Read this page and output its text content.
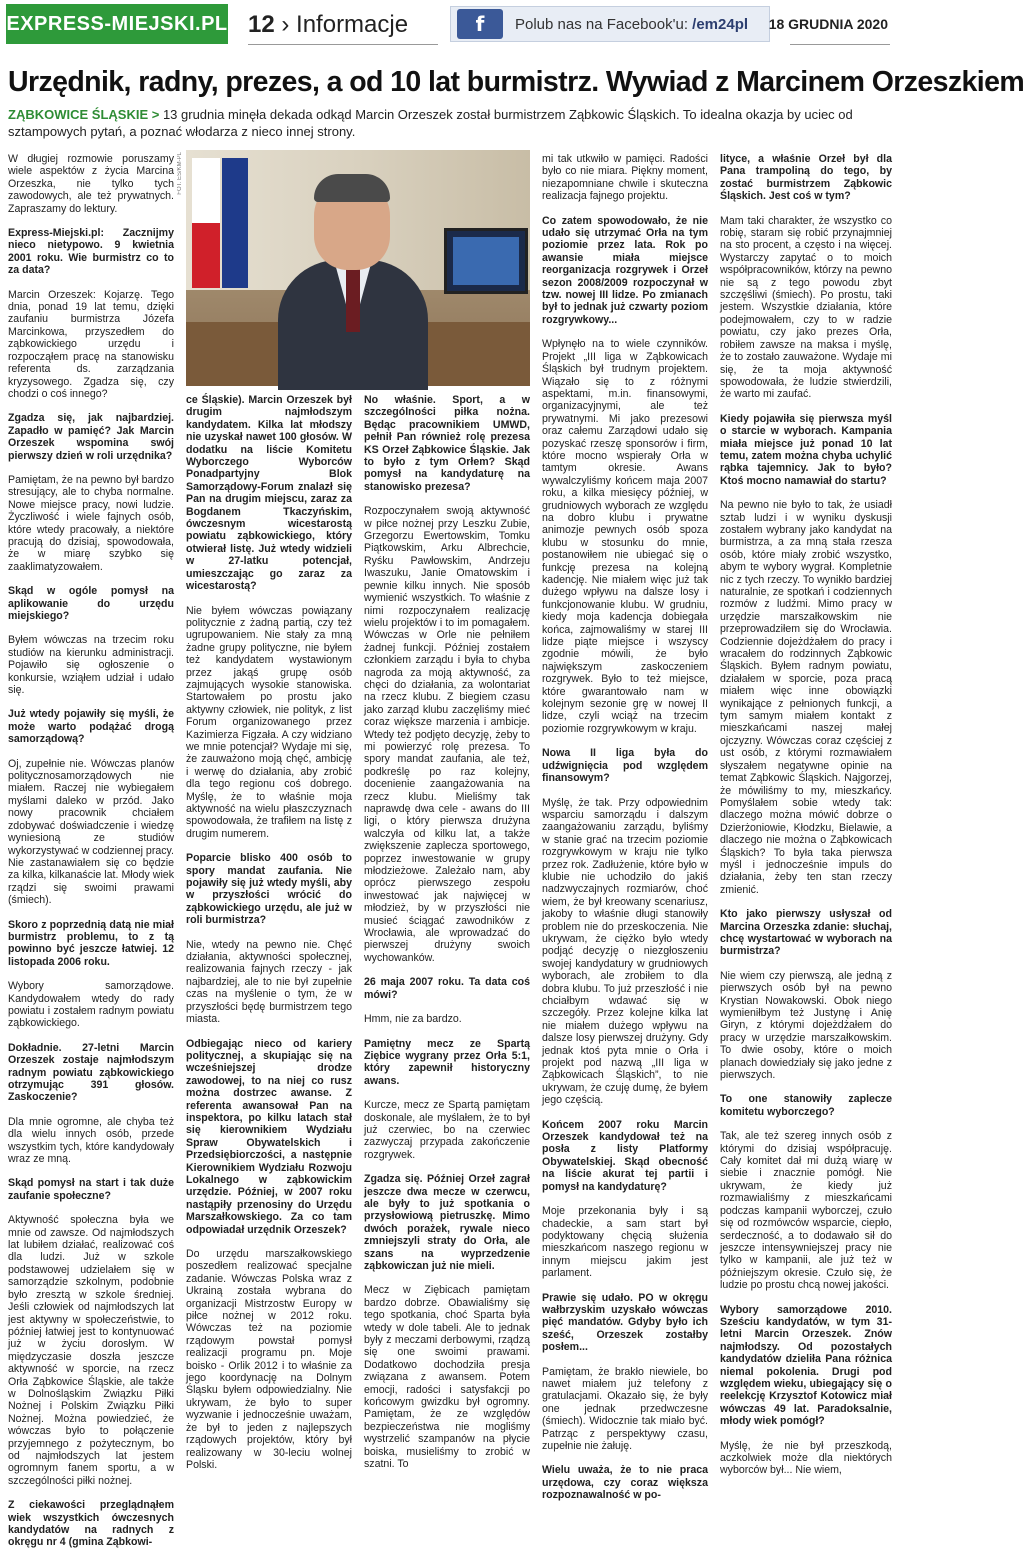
EXPRESS-MIEJSKI.PL 12 › Informacje	f	Polub nas na Facebook'u: /em24pl 18 GRUDNIA 2020
Urzędnik, radny, prezes, a od 10 lat burmistrz. Wywiad z Marcinem Orzeszkiem
ZĄBKOWICE ŚLĄSKIE > 13 grudnia minęła dekada odkąd Marcin Orzeszek został burmistrzem Ząbkowic Śląskich. To idealna okazja by uciec od sztampowych pytań, a poznać włodarza z nieco innej strony.
FOT. ES/KM-PL

W długiej rozmowie poruszamy wiele aspektów z życia Marcina Orzeszka, nie tylko tych zawodowych, ale też prywatnych. Zapraszamy do lektury.

Express-Miejski.pl: Zacznijmy nieco nietypowo. 9 kwietnia 2001 roku. Wie burmistrz co to za data?

Marcin Orzeszek: Kojarzę. Tego dnia, ponad 19 lat temu, dzięki zaufaniu burmistrza Józefa Marcinkowa, przyszedłem do ząbkowickiego urzędu i rozpocząłem pracę na stanowisku referenta ds. zarządzania kryzysowego. Zgadza się, czy chodzi o coś innego?

Zgadza się, jak najbardziej. Zapadło w pamięć? Jak Marcin Orzeszek wspomina swój pierwszy dzień w roli urzędnika?

Pamiętam, że na pewno był bardzo stresujący, ale to chyba normalne. Nowe miejsce pracy, nowi ludzie. Życzliwość i wiele fajnych osób, które wtedy pracowały, a niektóre pracują do dzisiaj, spowodowała, że w miarę szybko się zaaklimatyzowałem.

Skąd w ogóle pomysł na aplikowanie do urzędu miejskiego?

Byłem wówczas na trzecim roku studiów na kierunku administracji. Pojawiło się ogłoszenie o konkursie, wziąłem udział i udało się.

Już wtedy pojawiły się myśli, że może warto podążać drogą samorządową?

Oj, zupełnie nie. Wówczas planów politycznosamorządowych nie miałem. Raczej nie wybiegałem myślami daleko w przód. Jako nowy pracownik chciałem zdobywać doświadczenie i wiedzę wyniesioną ze studiów wykorzystywać w codziennej pracy. Nie zastanawiałem się co będzie za kilka, kilkanaście lat. Młody wiek rządzi się swoimi prawami (śmiech).

Skoro z poprzednią datą nie miał burmistrz problemu, to z tą powinno być jeszcze łatwiej. 12 listopada 2006 roku.

Wybory samorządowe. Kandydowałem wtedy do rady powiatu i zostałem radnym powiatu ząbkowickiego.

Dokładnie. 27-letni Marcin Orzeszek zostaje najmłodszym radnym powiatu ząbkowickiego otrzymując 391 głosów. Zaskoczenie?

Dla mnie ogromne, ale chyba też dla wielu innych osób, przede wszystkim tych, które kandydowały wraz ze mną.

Skąd pomysł na start i tak duże zaufanie społeczne?

Aktywność społeczna była we mnie od zawsze. Od najmłodszych lat lubiłem działać, realizować coś dla ludzi. Już w szkole podstawowej udzielałem się w samorządzie szkolnym, podobnie było zresztą w szkole średniej. Jeśli człowiek od najmłodszych lat jest aktywny w społeczeństwie, to później łatwiej jest to kontynuować już w życiu dorosłym. W międzyczasie doszła jeszcze aktywność w sporcie, na rzecz Orła Ząbkowice Śląskie, ale także w Dolnośląskim Związku Piłki Nożnej i Polskim Związku Piłki Nożnej. Można powiedzieć, że wówczas było to połączenie przyjemnego z pożytecznym, bo od najmłodszych lat jestem ogromnym fanem sportu, a w szczególności piłki nożnej.

Z ciekawości przeglądnąłem wiek wszystkich ówczesnych kandydatów na radnych z okręgu nr 4 (gmina Ząbkowi-

ce Śląskie). Marcin Orzeszek był drugim najmłodszym kandydatem. Kilka lat młodszy nie uzyskał nawet 100 głosów. W dodatku na liście Komitetu Wyborczego Wyborców Ponadpartyjny Blok Samorządowy-Forum znalazł się Pan na drugim miejscu, zaraz za Bogdanem Tkaczyńskim, ówczesnym wicestarostą powiatu ząbkowickiego, który otwierał listę. Już wtedy widzieli w 27-latku potencjał, umieszczając go zaraz za wicestarostą?

Nie byłem wówczas powiązany politycznie z żadną partią, czy też ugrupowaniem. Nie stały za mną żadne grupy polityczne, nie byłem też kandydatem wystawionym przez jakąś grupę osób zajmujących wysokie stanowiska. Startowałem po prostu jako aktywny człowiek, nie polityk, z list Forum organizowanego przez Kazimierza Figzała. A czy widziano we mnie potencjał? Wydaje mi się, że zauważono moją chęć, ambicję i werwę do działania, aby zrobić dla tego regionu coś dobrego. Myślę, że to właśnie moja aktywność na wielu płaszczyznach spowodowała, że trafiłem na listę z drugim numerem.

Poparcie blisko 400 osób to spory mandat zaufania. Nie pojawiły się już wtedy myśli, aby w przyszłości wrócić do ząbkowickiego urzędu, ale już w roli burmistrza?

Nie, wtedy na pewno nie. Chęć działania, aktywności społecznej, realizowania fajnych rzeczy - jak najbardziej, ale to nie był zupełnie czas na myślenie o tym, że w przyszłości będę burmistrzem tego miasta.

Odbiegając nieco od kariery politycznej, a skupiając się na wcześniejszej drodze zawodowej, to na niej co rusz można dostrzec awanse. Z referenta awansował Pan na inspektora, po kilku latach stał się kierownikiem Wydziału Spraw Obywatelskich i Przedsiębiorczości, a następnie Kierownikiem Wydziału Rozwoju Lokalnego w ząbkowickim urzędzie. Później, w 2007 roku nastąpiły przenosiny do Urzędu Marszałkowskiego. Za co tam odpowiadał urzędnik Orzeszek?

Do urzędu marszałkowskiego poszedłem realizować specjalne zadanie. Wówczas Polska wraz z Ukrainą została wybrana do organizacji Mistrzostw Europy w piłce nożnej w 2012 roku. Wówczas też na poziomie rządowym powstał pomysł realizacji programu pn. Moje boisko - Orlik 2012 i to właśnie za jego koordynację na Dolnym Śląsku byłem odpowiedzialny. Nie ukrywam, że było to super wyzwanie i jednocześnie uważam, że był to jeden z najlepszych rządowych projektów, który był realizowany w 30-leciu wolnej Polski.

No właśnie. Sport, a w szczególności piłka nożna. Będąc pracownikiem UMWD, pełnił Pan również rolę prezesa KS Orzeł Ząbkowice Śląskie. Jak to było z tym Orłem? Skąd pomysł na kandydaturę na stanowisko prezesa?

Rozpoczynałem swoją aktywność w piłce nożnej przy Leszku Zubie, Grzegorzu Ewertowskim, Tomku Piątkowskim, Arku Albrechcie, Ryśku Pawłowskim, Andrzeju Iwaszuku, Janie Omatowskim i pewnie kilku innych. Nie sposób wymienić wszystkich. To właśnie z nimi rozpoczynałem realizację wielu projektów i to im pomagałem. Wówczas w Orle nie pełniłem żadnej funkcji. Później zostałem członkiem zarządu i była to chyba nagroda za moją aktywność, za chęci do działania, za wolontariat na rzecz klubu. Z biegiem czasu jako zarząd klubu zaczęliśmy mieć coraz większe marzenia i ambicje. Wtedy też podjęto decyzję, żeby to mi powierzyć rolę prezesa. To spory mandat zaufania, ale też, podkreślę po raz kolejny, docenienie zaangażowania na rzecz klubu. Mieliśmy tak naprawdę dwa cele - awans do III ligi, o który pierwsza drużyna walczyła od kilku lat, a także zwiększenie zaplecza sportowego, poprzez inwestowanie w grupy młodzieżowe. Zależało nam, aby oprócz pierwszego zespołu inwestować jak najwięcej w młodzież, by w przyszłości nie musieć ściągać zawodników z Wrocławia, ale wprowadzać do pierwszej drużyny swoich wychowanków.

26 maja 2007 roku. Ta data coś mówi?

Hmm, nie za bardzo.

Pamiętny mecz ze Spartą Ziębice wygrany przez Orła 5:1, który zapewnił historyczny awans.

Kurcze, mecz ze Spartą pamiętam doskonale, ale myślałem, że to był już czerwiec, bo na czerwiec zazwyczaj przypada zakończenie rozgrywek.

Zgadza się. Później Orzeł zagrał jeszcze dwa mecze w czerwcu, ale były to już spotkania o przysłowiową pietruszkę. Mimo dwóch porażek, rywale nieco zmniejszyli straty do Orła, ale szans na wyprzedzenie ząbkowiczan już nie mieli.

Mecz w Ziębicach pamiętam bardzo dobrze. Obawialiśmy się tego spotkania, choć Sparta była wtedy w dole tabeli. Ale to jednak były z meczami derbowymi, rządzą się one swoimi prawami. Dodatkowo dochodziła presja związana z awansem. Potem emocji, radości i satysfakcji po końcowym gwizdku był ogromny. Pamiętam, że ze względów bezpieczeństwa nie mogliśmy wystrzelić szampanów na płycie boiska, musieliśmy to zrobić w szatni. To

mi tak utkwiło w pamięci. Radości było co nie miara. Piękny moment, niezapomniane chwile i skuteczna realizacja fajnego projektu.

Co zatem spowodowało, że nie udało się utrzymać Orła na tym poziomie przez lata. Rok po awansie miała miejsce reorganizacja rozgrywek i Orzeł sezon 2008/2009 rozpoczynał w tzw. nowej III lidze. Po zmianach był to jednak już czwarty poziom rozgrywkowy...

Wpłynęło na to wiele czynników. Projekt „III liga w Ząbkowicach Śląskich był trudnym projektem. Wiązało się to z różnymi aspektami, m.in. finansowymi, organizacyjnymi, ale też prywatnymi. Mi jako prezesowi oraz całemu Zarządowi udało się pozyskać rzeszę sponsorów i firm, które mocno wspierały Orła w tamtym okresie. Awans wywalczyliśmy końcem maja 2007 roku, a kilka miesięcy później, w grudniowych wyborach ze względu na dobro klubu i prywatne animozje pewnych osób spoza klubu w stosunku do mnie, postanowiłem nie ubiegać się o funkcję prezesa na kolejną kadencję. Nie miałem więc już tak dużego wpływu na dalsze losy i funkcjonowanie klubu. W grudniu, kiedy moja kadencja dobiegała końca, zajmowaliśmy w starej III lidze piąte miejsce i wszyscy zgodnie mówili, że było największym zaskoczeniem rozgrywek. Było to też miejsce, które gwarantowało nam w kolejnym sezonie grę w nowej II lidze, czyli wciąż na trzecim poziomie rozgrywkowym w kraju.

Nowa II liga była do udźwignięcia pod względem finansowym?

Myślę, że tak. Przy odpowiednim wsparciu samorządu i dalszym zaangażowaniu zarządu, byliśmy w stanie grać na trzecim poziomie rozgrywkowym w kraju nie tylko przez rok. Zadłużenie, które było w klubie nie uchodziło do jakiś nadzwyczajnych rozmiarów, choć wiem, że był kreowany scenariusz, jakoby to właśnie długi stanowiły problem nie do przeskoczenia. Nie ukrywam, że ciężko było wtedy podjąć decyzję o niezgłoszeniu swojej kandydatury w grudniowych wyborach, ale zrobiłem to dla dobra klubu. To już przeszłość i nie chciałbym wdawać się w szczegóły. Przez kolejne kilka lat nie miałem dużego wpływu na dalsze losy pierwszej drużyny. Gdy jednak ktoś pyta mnie o Orła i projekt pod nazwą „III liga w Ząbkowicach Śląskich”, to nie ukrywam, że czuję dumę, że byłem jego częścią.

Końcem 2007 roku Marcin Orzeszek kandydował też na posła z listy Platformy Obywatelskiej. Skąd obecność na liście akurat tej partii i pomysł na kandydaturę?

Moje przekonania były i są chadeckie, a sam start był podyktowany chęcią służenia mieszkańcom naszego regionu w innym miejscu jakim jest parlament.

Prawie się udało. PO w okręgu wałbrzyskim uzyskało wówczas pięć mandatów. Gdyby było ich sześć, Orzeszek zostałby posłem...

Pamiętam, że brakło niewiele, bo nawet miałem już telefony z gratulacjami. Okazało się, że były one jednak przedwczesne (śmiech). Widocznie tak miało być. Patrząc z perspektywy czasu, zupełnie nie żałuję.

Wielu uważa, że to nie praca urzędowa, czy coraz większa rozpoznawalność w po-

lityce, a właśnie Orzeł był dla Pana trampoliną do tego, by zostać burmistrzem Ząbkowic Śląskich. Jest coś w tym?

Mam taki charakter, że wszystko co robię, staram się robić przynajmniej na sto procent, a często i na więcej. Wystarczy zapytać o to moich współpracowników, którzy na pewno nie są z tego powodu zbyt szczęśliwi (śmiech). Po prostu, taki jestem. Wszystkie działania, które podejmowałem, czy to w radzie powiatu, czy jako prezes Orła, robiłem zawsze na maksa i myślę, że to zostało zauważone. Wydaje mi się, że ta moja aktywność spowodowała, że ludzie stwierdzili, że warto mi zaufać.

Kiedy pojawiła się pierwsza myśl o starcie w wyborach. Kampania miała miejsce już ponad 10 lat temu, zatem można chyba uchylić rąbka tajemnicy. Jak to było? Ktoś mocno namawiał do startu?

Na pewno nie było to tak, że usiadł sztab ludzi i w wyniku dyskusji zostałem wybrany jako kandydat na burmistrza, a za mną stała rzesza osób, które miały zrobić wszystko, abym te wybory wygrał. Kompletnie nic z tych rzeczy. To wynikło bardziej naturalnie, ze spotkań i codziennych rozmów z ludźmi. Mimo pracy w urzędzie marszałkowskim nie przeprowadziłem się do Wrocławia. Codziennie dojeżdżałem do pracy i wracałem do rodzinnych Ząbkowic Śląskich. Byłem radnym powiatu, działałem w sporcie, poza pracą miałem więc inne obowiązki wynikające z pełnionych funkcji, a tym samym miałem kontakt z mieszkańcami naszej małej ojczyzny. Wówczas coraz częściej z ust osób, z którymi rozmawiałem słyszałem negatywne opinie na temat Ząbkowic Śląskich. Najgorzej, że mówiliśmy to my, mieszkańcy. Pomyślałem sobie wtedy tak: dlaczego można mówić dobrze o Dzierżoniowie, Kłodzku, Bielawie, a dlaczego nie można o Ząbkowicach Śląskich? To była taka pierwsza myśl i jednocześnie impuls do działania, żeby ten stan rzeczy zmienić.

Kto jako pierwszy usłyszał od Marcina Orzeszka zdanie: słuchaj, chcę wystartować w wyborach na burmistrza?

Nie wiem czy pierwszą, ale jedną z pierwszych osób był na pewno Krystian Nowakowski. Obok niego wymieniłbym też Justynę i Anię Giryn, z którymi dojeżdżałem do pracy w urzędzie marszałkowskim. To dwie osoby, które o moich planach dowiedziały się jako jedne z pierwszych.

To one stanowiły zaplecze komitetu wyborczego?

Tak, ale też szereg innych osób z którymi do dzisiaj współpracuję. Cały komitet dał mi dużą wiarę w siebie i znacznie pomógł. Nie ukrywam, że kiedy już rozmawialiśmy z mieszkańcami podczas kampanii wyborczej, czuło się od rozmówców wsparcie, ciepło, serdeczność, a to dodawało sił do jeszcze intensywniejszej pracy nie tylko w kampanii, ale już też w późniejszym okresie. Czuło się, że ludzie po prostu chcą nowej jakości.

Wybory samorządowe 2010. Sześciu kandydatów, w tym 31-letni Marcin Orzeszek. Znów najmłodszy. Od pozostałych kandydatów dzieliła Pana różnica niemal pokolenia. Drugi pod względem wieku, ubiegający się o reelekcję Krzysztof Kotowicz miał wówczas 49 lat. Paradoksalnie, młody wiek pomógł?

Myślę, że nie był przeszkodą, aczkolwiek może dla niektórych wyborców był... Nie wiem,
